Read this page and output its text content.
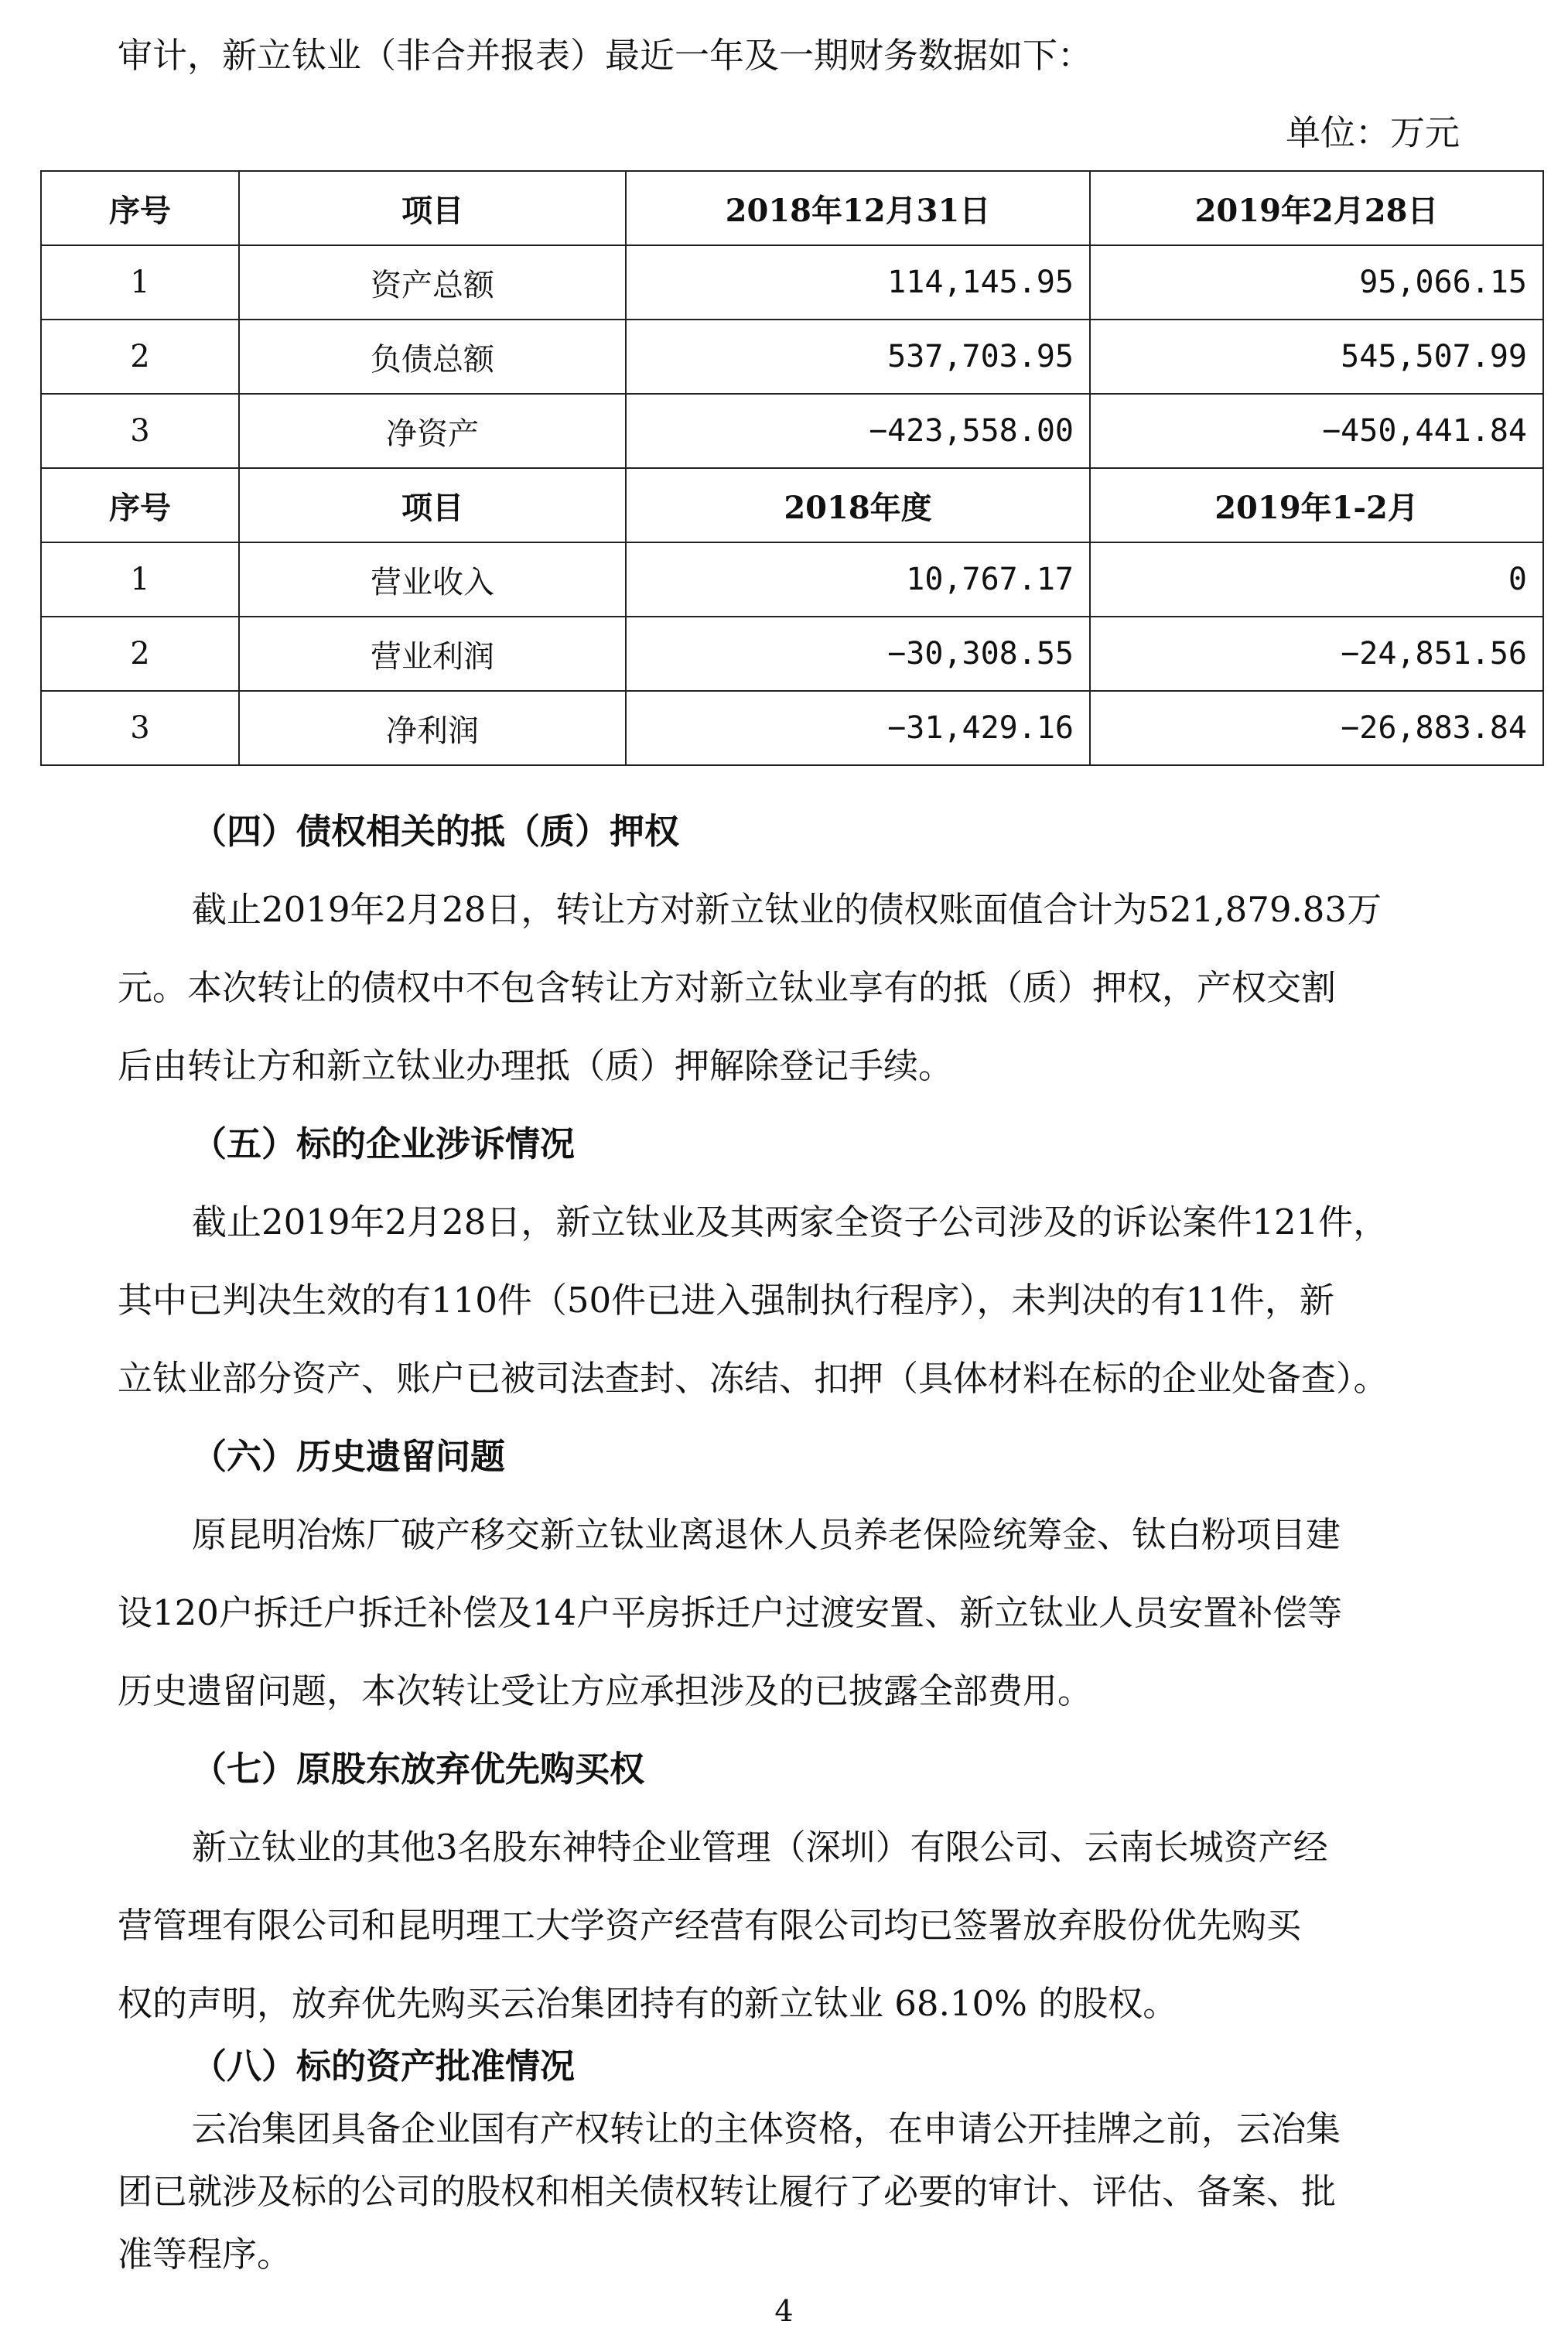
审计，新立钛业（非合并报表）最近一年及一期财务数据如下：
单位：万元
序号	项目	2018年12月31日	2019年2月28日
1	资产总额	114,145.95	95,066.15
2	负债总额	537,703.95	545,507.99
3	净资产	−423,558.00	−450,441.84
序号	项目	2018年度	2019年1-2月
1	营业收入	10,767.17	0
2	营业利润	−30,308.55	−24,851.56
3	净利润	−31,429.16	−26,883.84
（四）债权相关的抵（质）押权
截止2019年2月28日，转让方对新立钛业的债权账面值合计为521,879.83万
元。本次转让的债权中不包含转让方对新立钛业享有的抵（质）押权，产权交割
后由转让方和新立钛业办理抵（质）押解除登记手续。
（五）标的企业涉诉情况
截止2019年2月28日，新立钛业及其两家全资子公司涉及的诉讼案件121件，
其中已判决生效的有110件（50件已进入强制执行程序），未判决的有11件，新
立钛业部分资产、账户已被司法查封、冻结、扣押（具体材料在标的企业处备查）。
（六）历史遗留问题
原昆明冶炼厂破产移交新立钛业离退休人员养老保险统筹金、钛白粉项目建
设120户拆迁户拆迁补偿及14户平房拆迁户过渡安置、新立钛业人员安置补偿等
历史遗留问题，本次转让受让方应承担涉及的已披露全部费用。
（七）原股东放弃优先购买权
新立钛业的其他3名股东神特企业管理（深圳）有限公司、云南长城资产经
营管理有限公司和昆明理工大学资产经营有限公司均已签署放弃股份优先购买
权的声明，放弃优先购买云冶集团持有的新立钛业 68.10% 的股权。
（八）标的资产批准情况
云冶集团具备企业国有产权转让的主体资格，在申请公开挂牌之前，云冶集
团已就涉及标的公司的股权和相关债权转让履行了必要的审计、评估、备案、批
准等程序。
4
